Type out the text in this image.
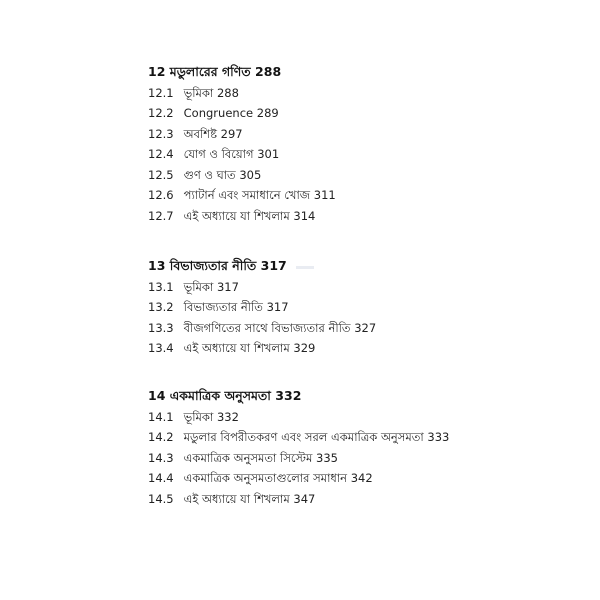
12 মডুলারের গণিত 288
12.1 ভূমিকা 288
12.2 Congruence 289
12.3 অবশিষ্ট 297
12.4 যোগ ও বিয়োগ 301
12.5 গুণ ও ঘাত 305
12.6 প্যাটার্ন এবং সমাধানে খোজ 311
12.7 এই অধ্যায়ে যা শিখলাম 314
13 বিভাজ্যতার নীতি 317
13.1 ভূমিকা 317
13.2 বিভাজ্যতার নীতি 317
13.3 বীজগণিতের সাথে বিভাজ্যতার নীতি 327
13.4 এই অধ্যায়ে যা শিখলাম 329
14 একমাত্রিক অনুসমতা 332
14.1 ভূমিকা 332
14.2 মডুলার বিপরীতকরণ এবং সরল একমাত্রিক অনুসমতা 333
14.3 একমাত্রিক অনুসমতা সিস্টেম 335
14.4 একমাত্রিক অনুসমতাগুলোর সমাধান 342
14.5 এই অধ্যায়ে যা শিখলাম 347
